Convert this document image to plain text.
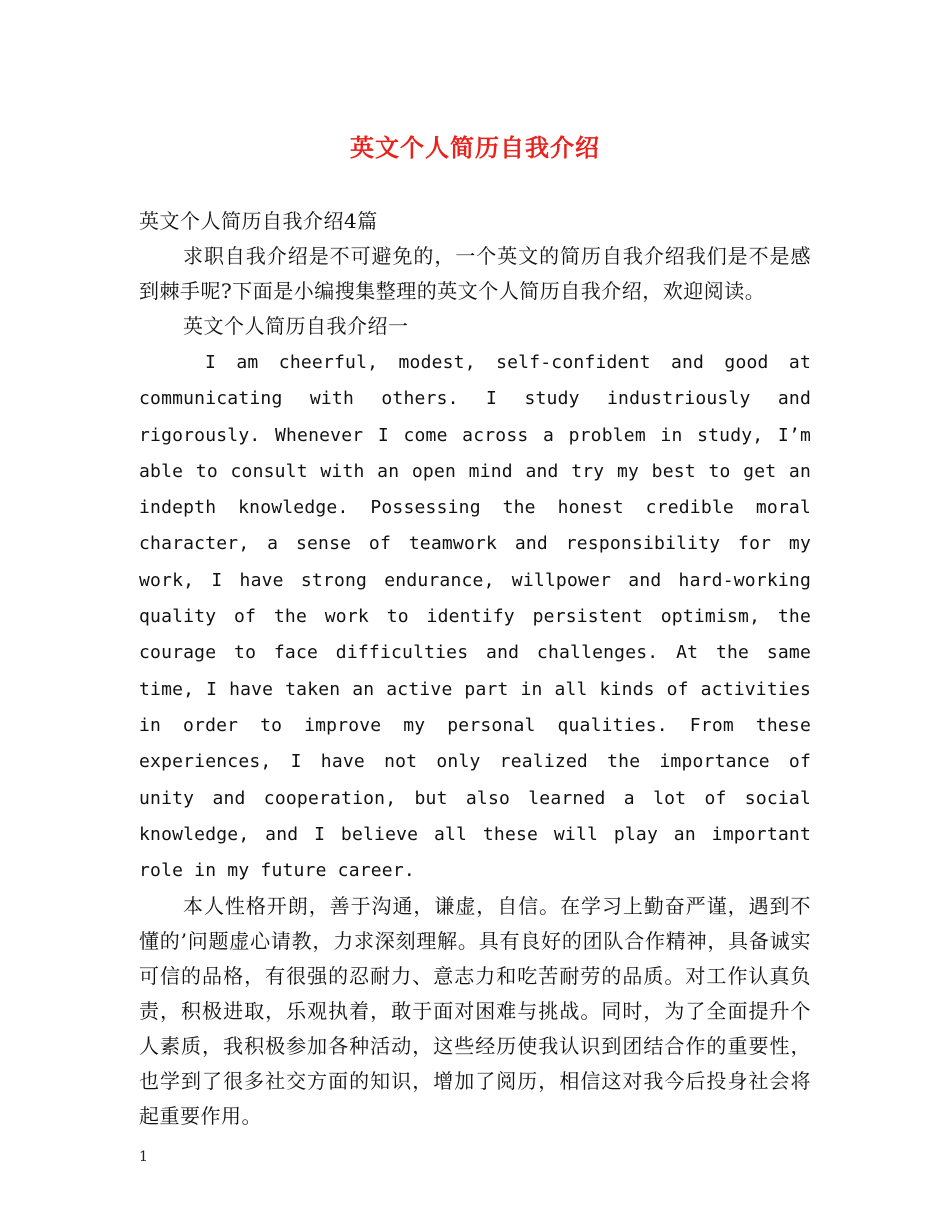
英文个人简历自我介绍

英文个人简历自我介绍4篇

求职自我介绍是不可避免的，一个英文的简历自我介绍我们是不是感到棘手呢?下面是小编搜集整理的英文个人简历自我介绍，欢迎阅读。

英文个人简历自我介绍一

I am cheerful, modest, self-confident and good at communicating with others. I study industriously and rigorously. Whenever I come across a problem in study, I’m able to consult with an open mind and try my best to get an indepth knowledge. Possessing the honest credible moral character, a sense of teamwork and responsibility for my work, I have strong endurance, willpower and hard-working quality of the work to identify persistent optimism, the courage to face difficulties and challenges. At the same time, I have taken an active part in all kinds of activities in order to improve my personal qualities. From these experiences, I have not only realized the importance of unity and cooperation, but also learned a lot of social knowledge, and I believe all these will play an important role in my future career.

本人性格开朗，善于沟通，谦虚，自信。在学习上勤奋严谨，遇到不懂的’问题虚心请教，力求深刻理解。具有良好的团队合作精神，具备诚实可信的品格，有很强的忍耐力、意志力和吃苦耐劳的品质。对工作认真负责，积极进取，乐观执着，敢于面对困难与挑战。同时，为了全面提升个人素质，我积极参加各种活动，这些经历使我认识到团结合作的重要性，也学到了很多社交方面的知识，增加了阅历，相信这对我今后投身社会将起重要作用。

1
